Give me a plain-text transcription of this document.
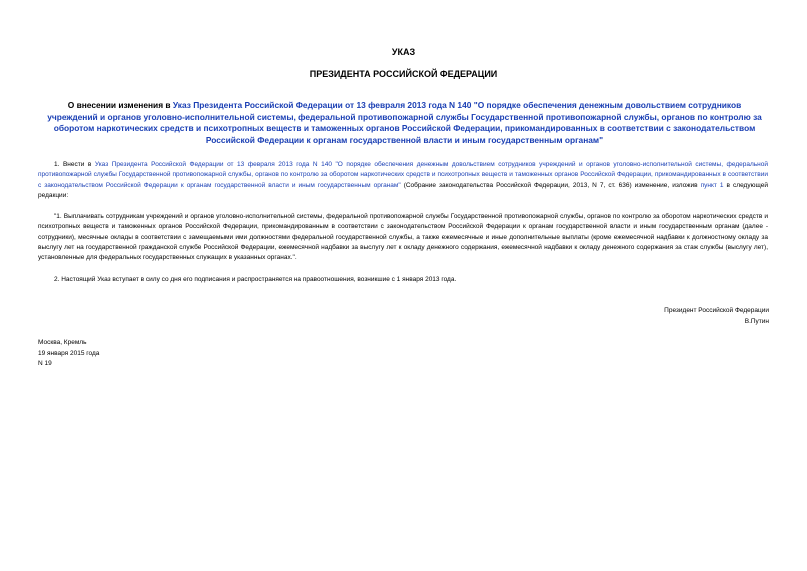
УКАЗ
ПРЕЗИДЕНТА РОССИЙСКОЙ ФЕДЕРАЦИИ
О внесении изменения в Указ Президента Российской Федерации от 13 февраля 2013 года N 140 "О порядке обеспечения денежным довольствием сотрудников учреждений и органов уголовно-исполнительной системы, федеральной противопожарной службы Государственной противопожарной службы, органов по контролю за оборотом наркотических средств и психотропных веществ и таможенных органов Российской Федерации, прикомандированных в соответствии с законодательством Российской Федерации к органам государственной власти и иным государственным органам"
1. Внести в Указ Президента Российской Федерации от 13 февраля 2013 года N 140 "О порядке обеспечения денежным довольствием сотрудников учреждений и органов уголовно-исполнительной системы, федеральной противопожарной службы Государственной противопожарной службы, органов по контролю за оборотом наркотических средств и психотропных веществ и таможенных органов Российской Федерации, прикомандированных в соответствии с законодательством Российской Федерации к органам государственной власти и иным государственным органам" (Собрание законодательства Российской Федерации, 2013, N 7, ст. 636) изменение, изложив пункт 1 в следующей редакции:
"1. Выплачивать сотрудникам учреждений и органов уголовно-исполнительной системы, федеральной противопожарной службы Государственной противопожарной службы, органов по контролю за оборотом наркотических средств и психотропных веществ и таможенных органов Российской Федерации, прикомандированным в соответствии с законодательством Российской Федерации к органам государственной власти и иным государственным органам (далее - сотрудники), месячные оклады в соответствии с замещаемыми ими должностями федеральной государственной службы, а также ежемесячные и иные дополнительные выплаты (кроме ежемесячной надбавки к должностному окладу за выслугу лет на государственной гражданской службе Российской Федерации, ежемесячной надбавки за выслугу лет к окладу денежного содержания, ежемесячной надбавки к окладу денежного содержания за стаж службы (выслугу лет), установленные для федеральных государственных служащих в указанных органах.".
2. Настоящий Указ вступает в силу со дня его подписания и распространяется на правоотношения, возникшие с 1 января 2013 года.
Президент Российской Федерации
В.Путин
Москва, Кремль
19 января 2015 года
N 19
